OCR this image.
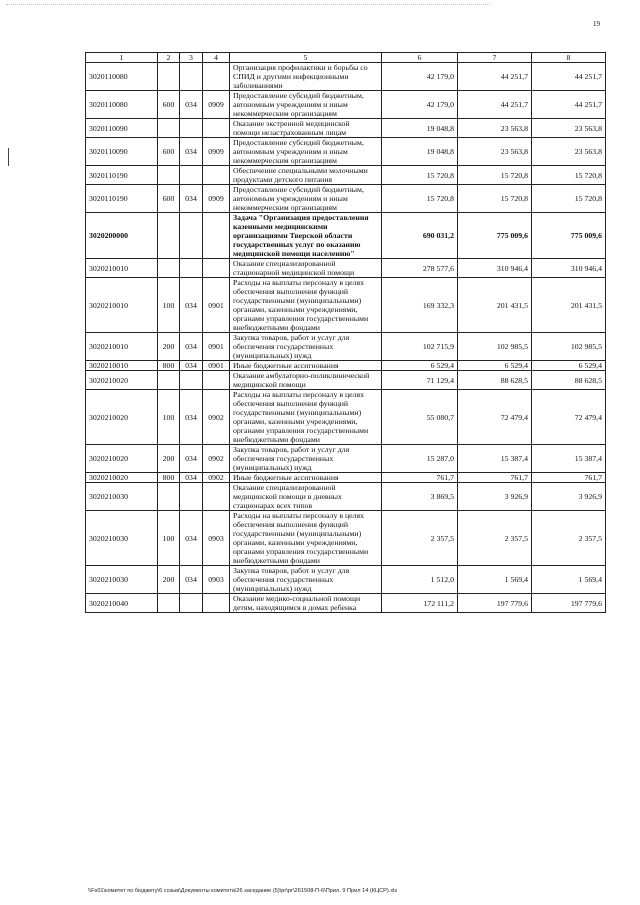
19
1	2	3	4	5	6	7	8
3020110080				Организация профилактики и борьбы со СПИД и другими инфекционными заболеваниями	42 179,0	44 251,7	44 251,7
3020110080	600	034	0909	Предоставление субсидий бюджетным, автономным учреждениям и иным некоммерческим организациям	42 179,0	44 251,7	44 251,7
3020110090				Оказание экстренной медицинской помощи незастрахованным лицам	19 048,8	23 563,8	23 563,8
3020110090	600	034	0909	Предоставление субсидий бюджетным, автономным учреждениям и иным некоммерческим организациям	19 048,8	23 563,8	23 563,8
3020110190				Обеспечение специальными молочными продуктами детского питания	15 720,8	15 720,8	15 720,8
3020110190	600	034	0909	Предоставление субсидий бюджетным, автономным учреждениям и иным некоммерческим организациям	15 720,8	15 720,8	15 720,8
3020200000				Задача "Организация предоставления казенными медицинскими организациями Тверской области государственных услуг по оказанию медицинской помощи населению"	690 031,2	775 009,6	775 009,6
3020210010				Оказание специализированной стационарной медицинской помощи	278 577,6	310 946,4	310 946,4
3020210010	100	034	0901	Расходы на выплаты персоналу в целях обеспечения выполнения функций государственными (муниципальными) органами, казенными учреждениями, органами управления государственными внебюджетными фондами	169 332,3	201 431,5	201 431,5
3020210010	200	034	0901	Закупка товаров, работ и услуг для обеспечения государственных (муниципальных) нужд	102 715,9	102 985,5	102 985,5
3020210010	800	034	0901	Иные бюджетные ассигнования	6 529,4	6 529,4	6 529,4
3020210020				Оказание амбулаторно-поликлинической медицинской помощи	71 129,4	88 628,5	88 628,5
3020210020	100	034	0902	Расходы на выплаты персоналу в целях обеспечения выполнения функций государственными (муниципальными) органами, казенными учреждениями, органами управления государственными внебюджетными фондами	55 080,7	72 479,4	72 479,4
3020210020	200	034	0902	Закупка товаров, работ и услуг для обеспечения государственных (муниципальных) нужд	15 287,0	15 387,4	15 387,4
3020210020	800	034	0902	Иные бюджетные ассигнования	761,7	761,7	761,7
3020210030				Оказание специализированной медицинской помощи в дневных стационарах всех типов	3 869,5	3 926,9	3 926,9
3020210030	100	034	0903	Расходы на выплаты персоналу в целях обеспечения выполнения функций государственными (муниципальными) органами, казенными учреждениями, органами управления государственными внебюджетными фондами	2 357,5	2 357,5	2 357,5
3020210030	200	034	0903	Закупка товаров, работ и услуг для обеспечения государственных (муниципальных) нужд	1 512,0	1 569,4	1 569,4
3020210040				Оказание медико-социальной помощи детям, находящимся в домах ребенка	172 111,2	197 779,6	197 779,6
\\Fs01\комитет по бюджету\6 созыв\Документы комитета\26 заседание (5)\рг\рг\261508-П-6\Прил. 9 Прил 14 (КЦСР).xls
